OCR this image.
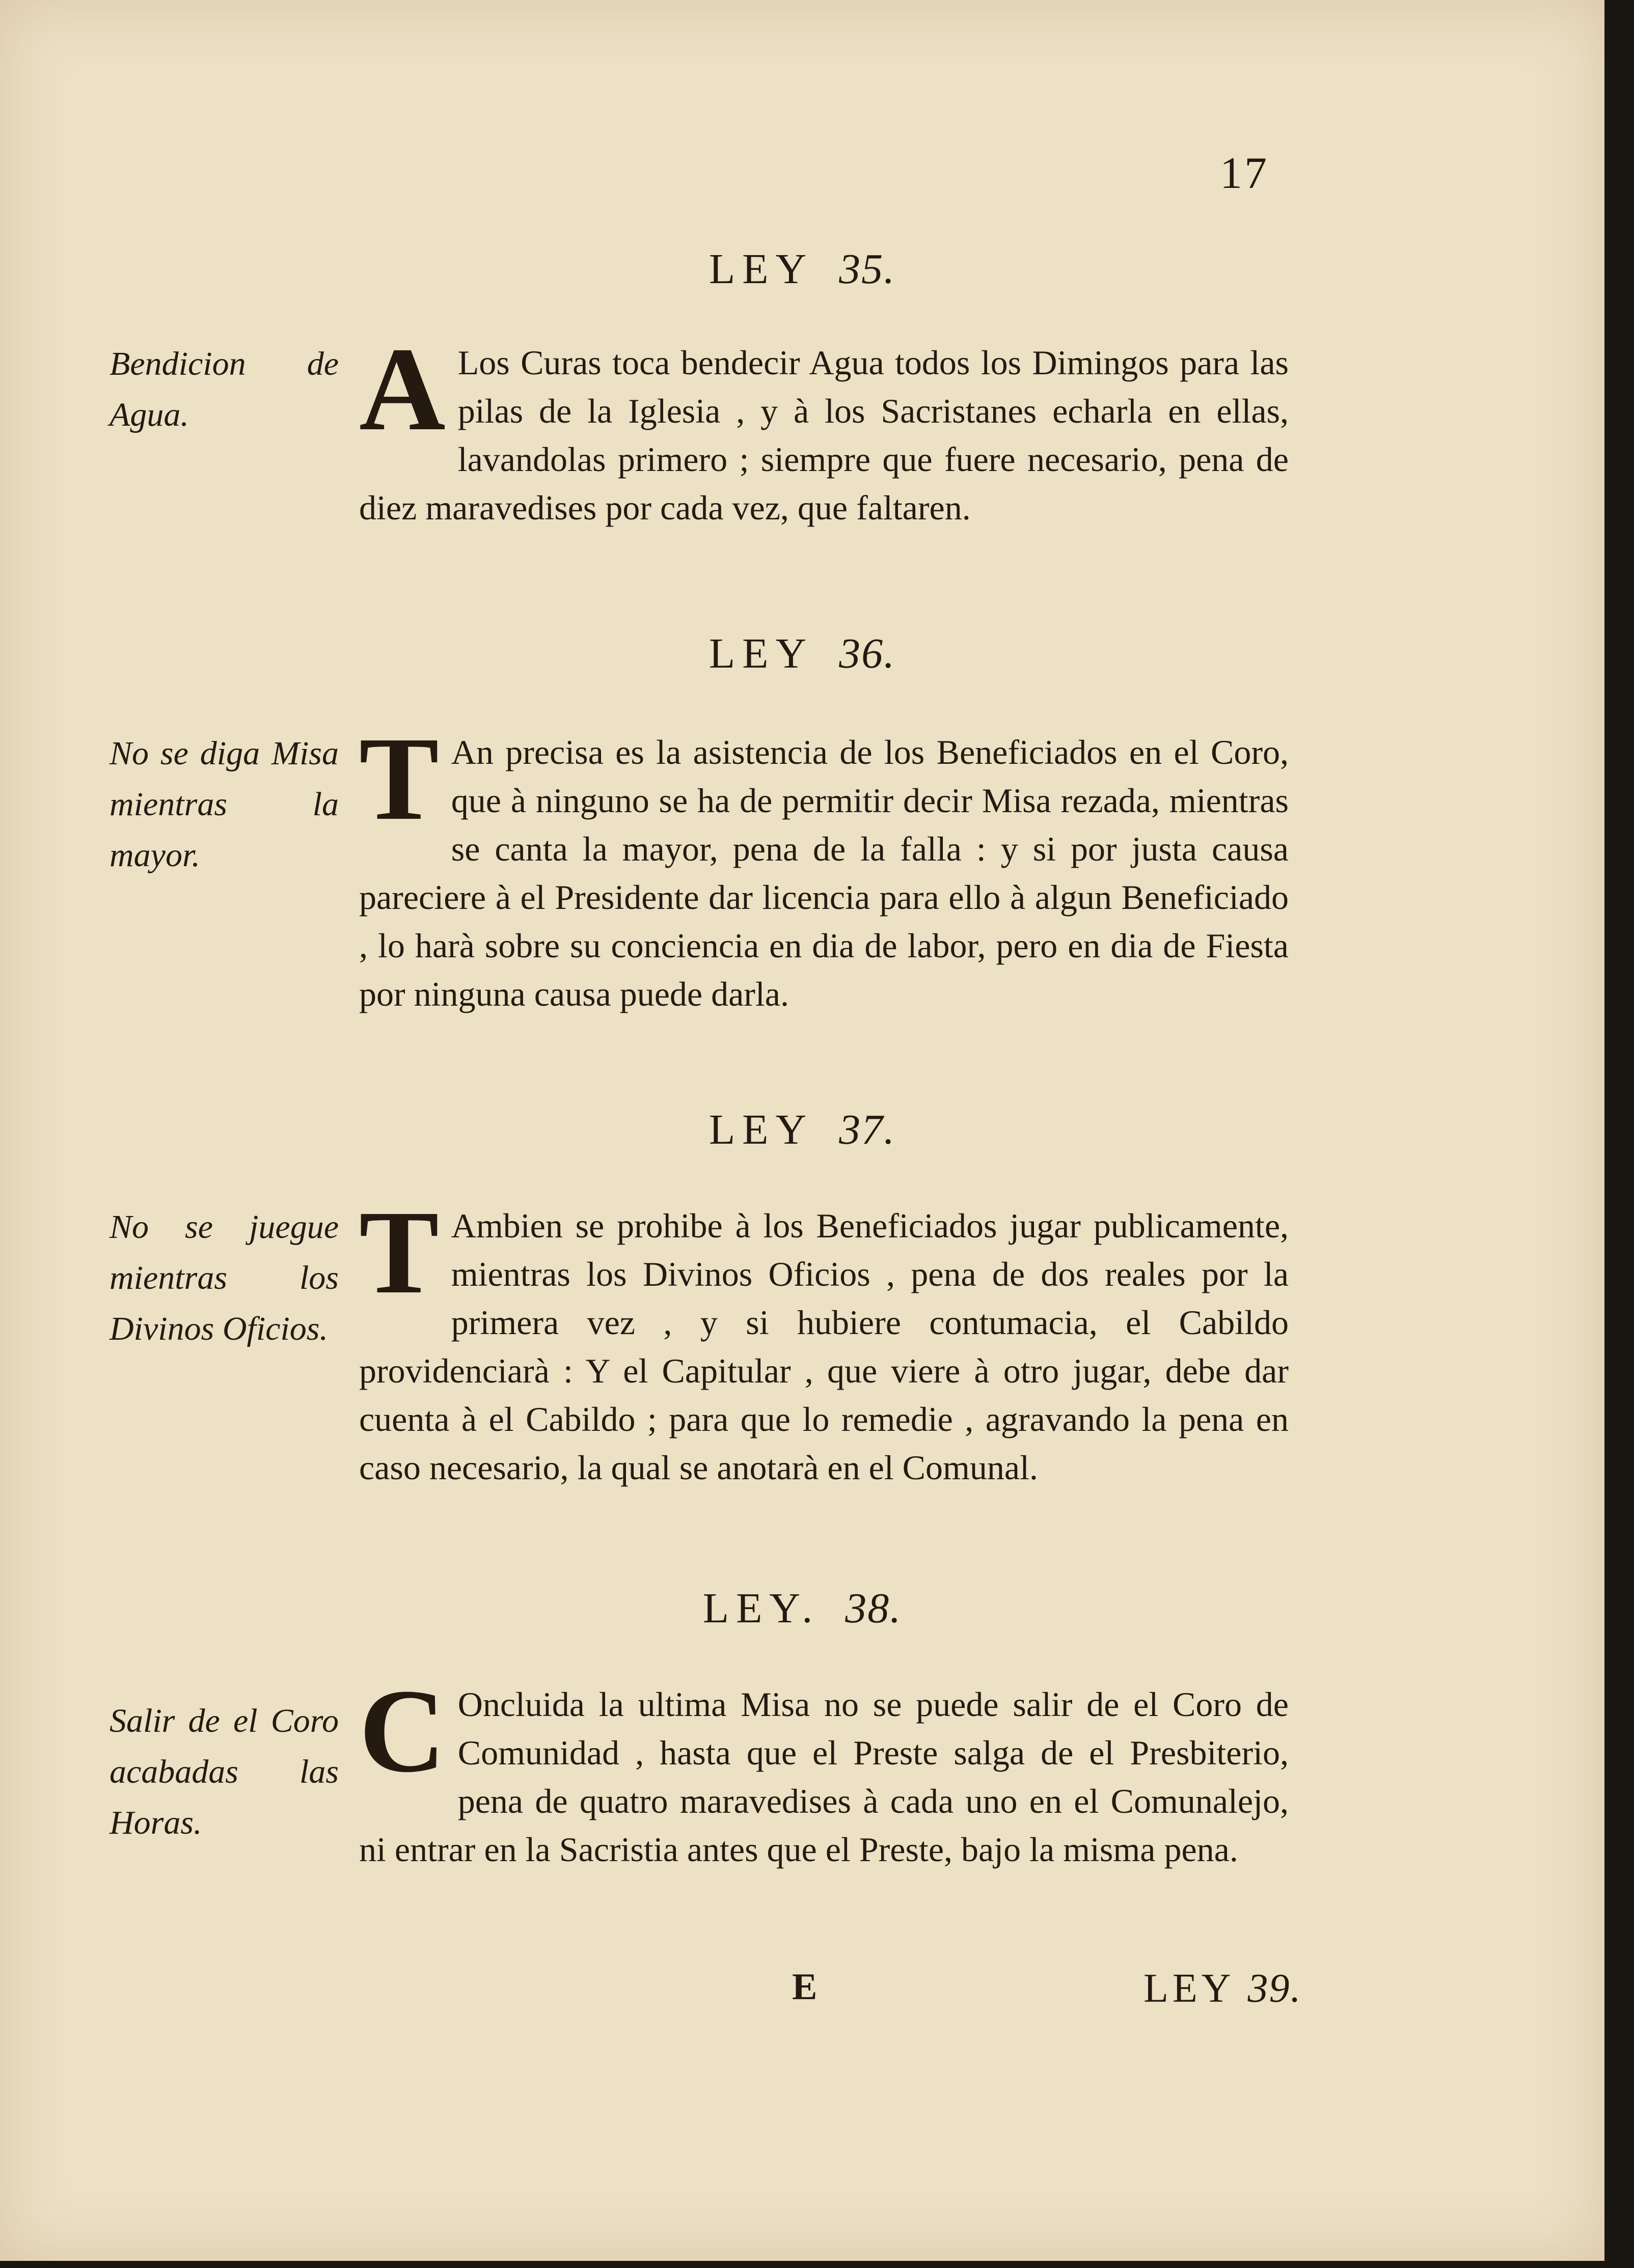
17
LEY 35.
Bendicion de Agua.	A Los Curas toca bendecir Agua todos los Dimingos para las pilas de la Iglesia , y à los Sacristanes echarla en ellas, lavandolas primero ; siempre que fuere necesario, pena de diez maravedises por cada vez, que faltaren.
LEY 36.
No se diga Misa mientras la mayor.
T An precisa es la asistencia de los Beneficiados en el Coro, que à ninguno se ha de permitir decir Misa rezada, mientras se canta la mayor, pena de la falla : y si por justa causa pareciere à el Presidente dar licencia para ello à algun Beneficiado , lo harà sobre su conciencia en dia de labor, pero en dia de Fiesta por ninguna causa puede darla.
LEY 37.
No se juegue mientras los Divinos Oficios.
T Ambien se prohibe à los Beneficiados jugar publicamente, mientras los Divinos Oficios , pena de dos reales por la primera vez , y si hubiere contumacia, el Cabildo providenciarà : Y el Capitular , que viere à otro jugar, debe dar cuenta à el Cabildo ; para que lo remedie , agravando la pena en caso necesario, la qual se anotarà en el Comunal.
LEY. 38.
Salir de el Coro acabadas las Horas.
C Oncluida la ultima Misa no se puede salir de el Coro de Comunidad , hasta que el Preste salga de el Presbiterio, pena de quatro maravedises à cada uno en el Comunalejo, ni entrar en la Sacristia antes que el Preste, bajo la misma pena.
E	LEY 39.
